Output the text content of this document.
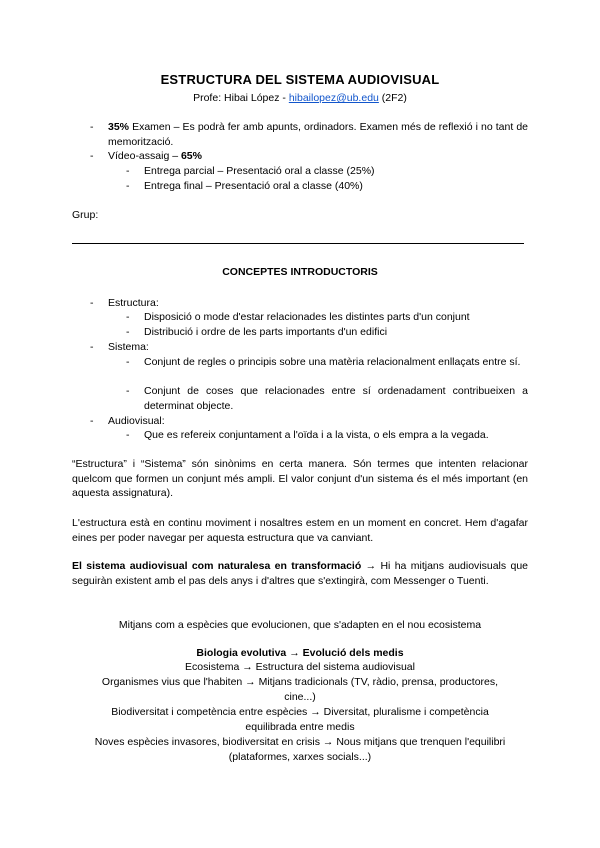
ESTRUCTURA DEL SISTEMA AUDIOVISUAL
Profe: Hibai López - hibailopez@ub.edu (2F2)
- 35% Examen – Es podrà fer amb apunts, ordinadors. Examen més de reflexió i no tant de memorització.
- Vídeo-assaig – 65%
- Entrega parcial – Presentació oral a classe (25%)
- Entrega final – Presentació oral a classe (40%)
Grup:
CONCEPTES INTRODUCTORIS
- Estructura:
- Disposició o mode d'estar relacionades les distintes parts d'un conjunt
- Distribució i ordre de les parts importants d'un edifici
- Sistema:
- Conjunt de regles o principis sobre una matèria relacionalment enllaçats entre sí.
- Conjunt de coses que relacionades entre sí ordenadament contribueixen a determinat objecte.
- Audiovisual:
- Que es refereix conjuntament a l'oïda i a la vista, o els empra a la vegada.
“Estructura” i “Sistema” són sinònims en certa manera. Són termes que intenten relacionar quelcom que formen un conjunt més ampli. El valor conjunt d'un sistema és el més important (en aquesta assignatura).
L'estructura està en continu moviment i nosaltres estem en un moment en concret. Hem d'agafar eines per poder navegar per aquesta estructura que va canviant.
El sistema audiovisual com naturalesa en transformació → Hi ha mitjans audiovisuals que seguiràn existent amb el pas dels anys i d'altres que s'extingirà, com Messenger o Tuenti.
Mitjans com a espècies que evolucionen, que s'adapten en el nou ecosistema
Biologia evolutiva → Evolució dels medis
Ecosistema → Estructura del sistema audiovisual
Organismes vius que l'habiten → Mitjans tradicionals (TV, ràdio, prensa, productores,
cine...)
Biodiversitat i competència entre espècies → Diversitat, pluralisme i competència
equilibrada entre medis
Noves espècies invasores, biodiversitat en crisis → Nous mitjans que trenquen l'equilibri
(plataformes, xarxes socials...)
